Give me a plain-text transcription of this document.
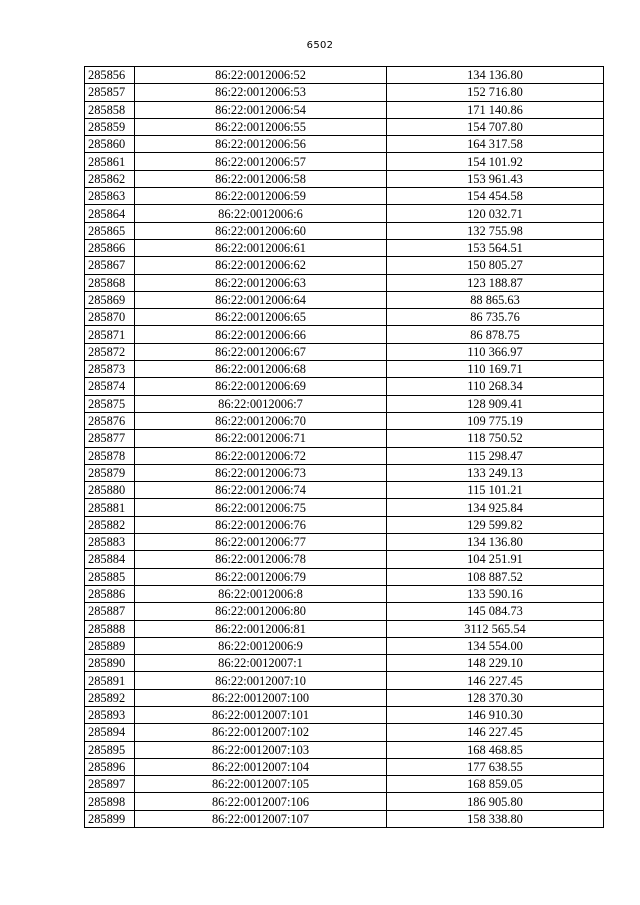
6502
285856	86:22:0012006:52	134 136.80
285857	86:22:0012006:53	152 716.80
285858	86:22:0012006:54	171 140.86
285859	86:22:0012006:55	154 707.80
285860	86:22:0012006:56	164 317.58
285861	86:22:0012006:57	154 101.92
285862	86:22:0012006:58	153 961.43
285863	86:22:0012006:59	154 454.58
285864	86:22:0012006:6	120 032.71
285865	86:22:0012006:60	132 755.98
285866	86:22:0012006:61	153 564.51
285867	86:22:0012006:62	150 805.27
285868	86:22:0012006:63	123 188.87
285869	86:22:0012006:64	88 865.63
285870	86:22:0012006:65	86 735.76
285871	86:22:0012006:66	86 878.75
285872	86:22:0012006:67	110 366.97
285873	86:22:0012006:68	110 169.71
285874	86:22:0012006:69	110 268.34
285875	86:22:0012006:7	128 909.41
285876	86:22:0012006:70	109 775.19
285877	86:22:0012006:71	118 750.52
285878	86:22:0012006:72	115 298.47
285879	86:22:0012006:73	133 249.13
285880	86:22:0012006:74	115 101.21
285881	86:22:0012006:75	134 925.84
285882	86:22:0012006:76	129 599.82
285883	86:22:0012006:77	134 136.80
285884	86:22:0012006:78	104 251.91
285885	86:22:0012006:79	108 887.52
285886	86:22:0012006:8	133 590.16
285887	86:22:0012006:80	145 084.73
285888	86:22:0012006:81	3112 565.54
285889	86:22:0012006:9	134 554.00
285890	86:22:0012007:1	148 229.10
285891	86:22:0012007:10	146 227.45
285892	86:22:0012007:100	128 370.30
285893	86:22:0012007:101	146 910.30
285894	86:22:0012007:102	146 227.45
285895	86:22:0012007:103	168 468.85
285896	86:22:0012007:104	177 638.55
285897	86:22:0012007:105	168 859.05
285898	86:22:0012007:106	186 905.80
285899	86:22:0012007:107	158 338.80
